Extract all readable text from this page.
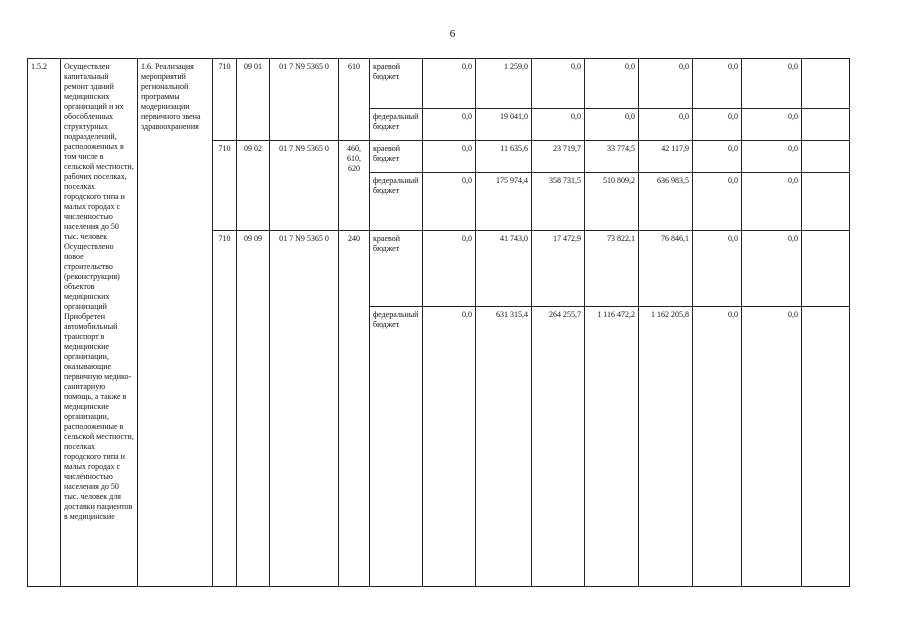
6
1.5.2	Осуществлен капитальный ремонт зданий медицинских организаций и их обособленных структурных подразделений, расположенных в том числе в сельской местности, рабочих поселках, поселках городского типа и малых городах с численностью населения до 50 тыс. человек Осуществлено новое строительство (реконструкция) объектов медицинских организаций Приобретен автомобильный транспорт в медицинские организации, оказывающие первичную медико-санитарную помощь, а также в медицинские организации, расположенные в сельской местности, поселках городского типа и малых городах с численностью населения до 50 тыс. человек для доставки пациентов в медицинские	1.6. Реализация мероприятий региональной программы модернизации первичного звена здравоохранения	710	09 01	01 7 N9 5365 0	610	краевой бюджет	0,0	1 259,0	0,0	0,0	0,0	0,0	0,0	
							федеральный бюджет	0,0	19 041,0	0,0	0,0	0,0	0,0	0,0	
			710	09 02	01 7 N9 5365 0	460, 610, 620	краевой бюджет	0,0	11 635,6	23 719,7	33 774,5	42 117,9	0,0	0,0	
							федеральный бюджет	0,0	175 974,4	358 731,5	510 809,2	636 983,5	0,0	0,0	
			710	09 09	01 7 N9 5365 0	240	краевой бюджет	0,0	41 743,0	17 472,9	73 822,1	76 846,1	0,0	0,0	
							федеральный бюджет	0,0	631 315,4	264 255,7	1 116 472,2	1 162 205,8	0,0	0,0	
